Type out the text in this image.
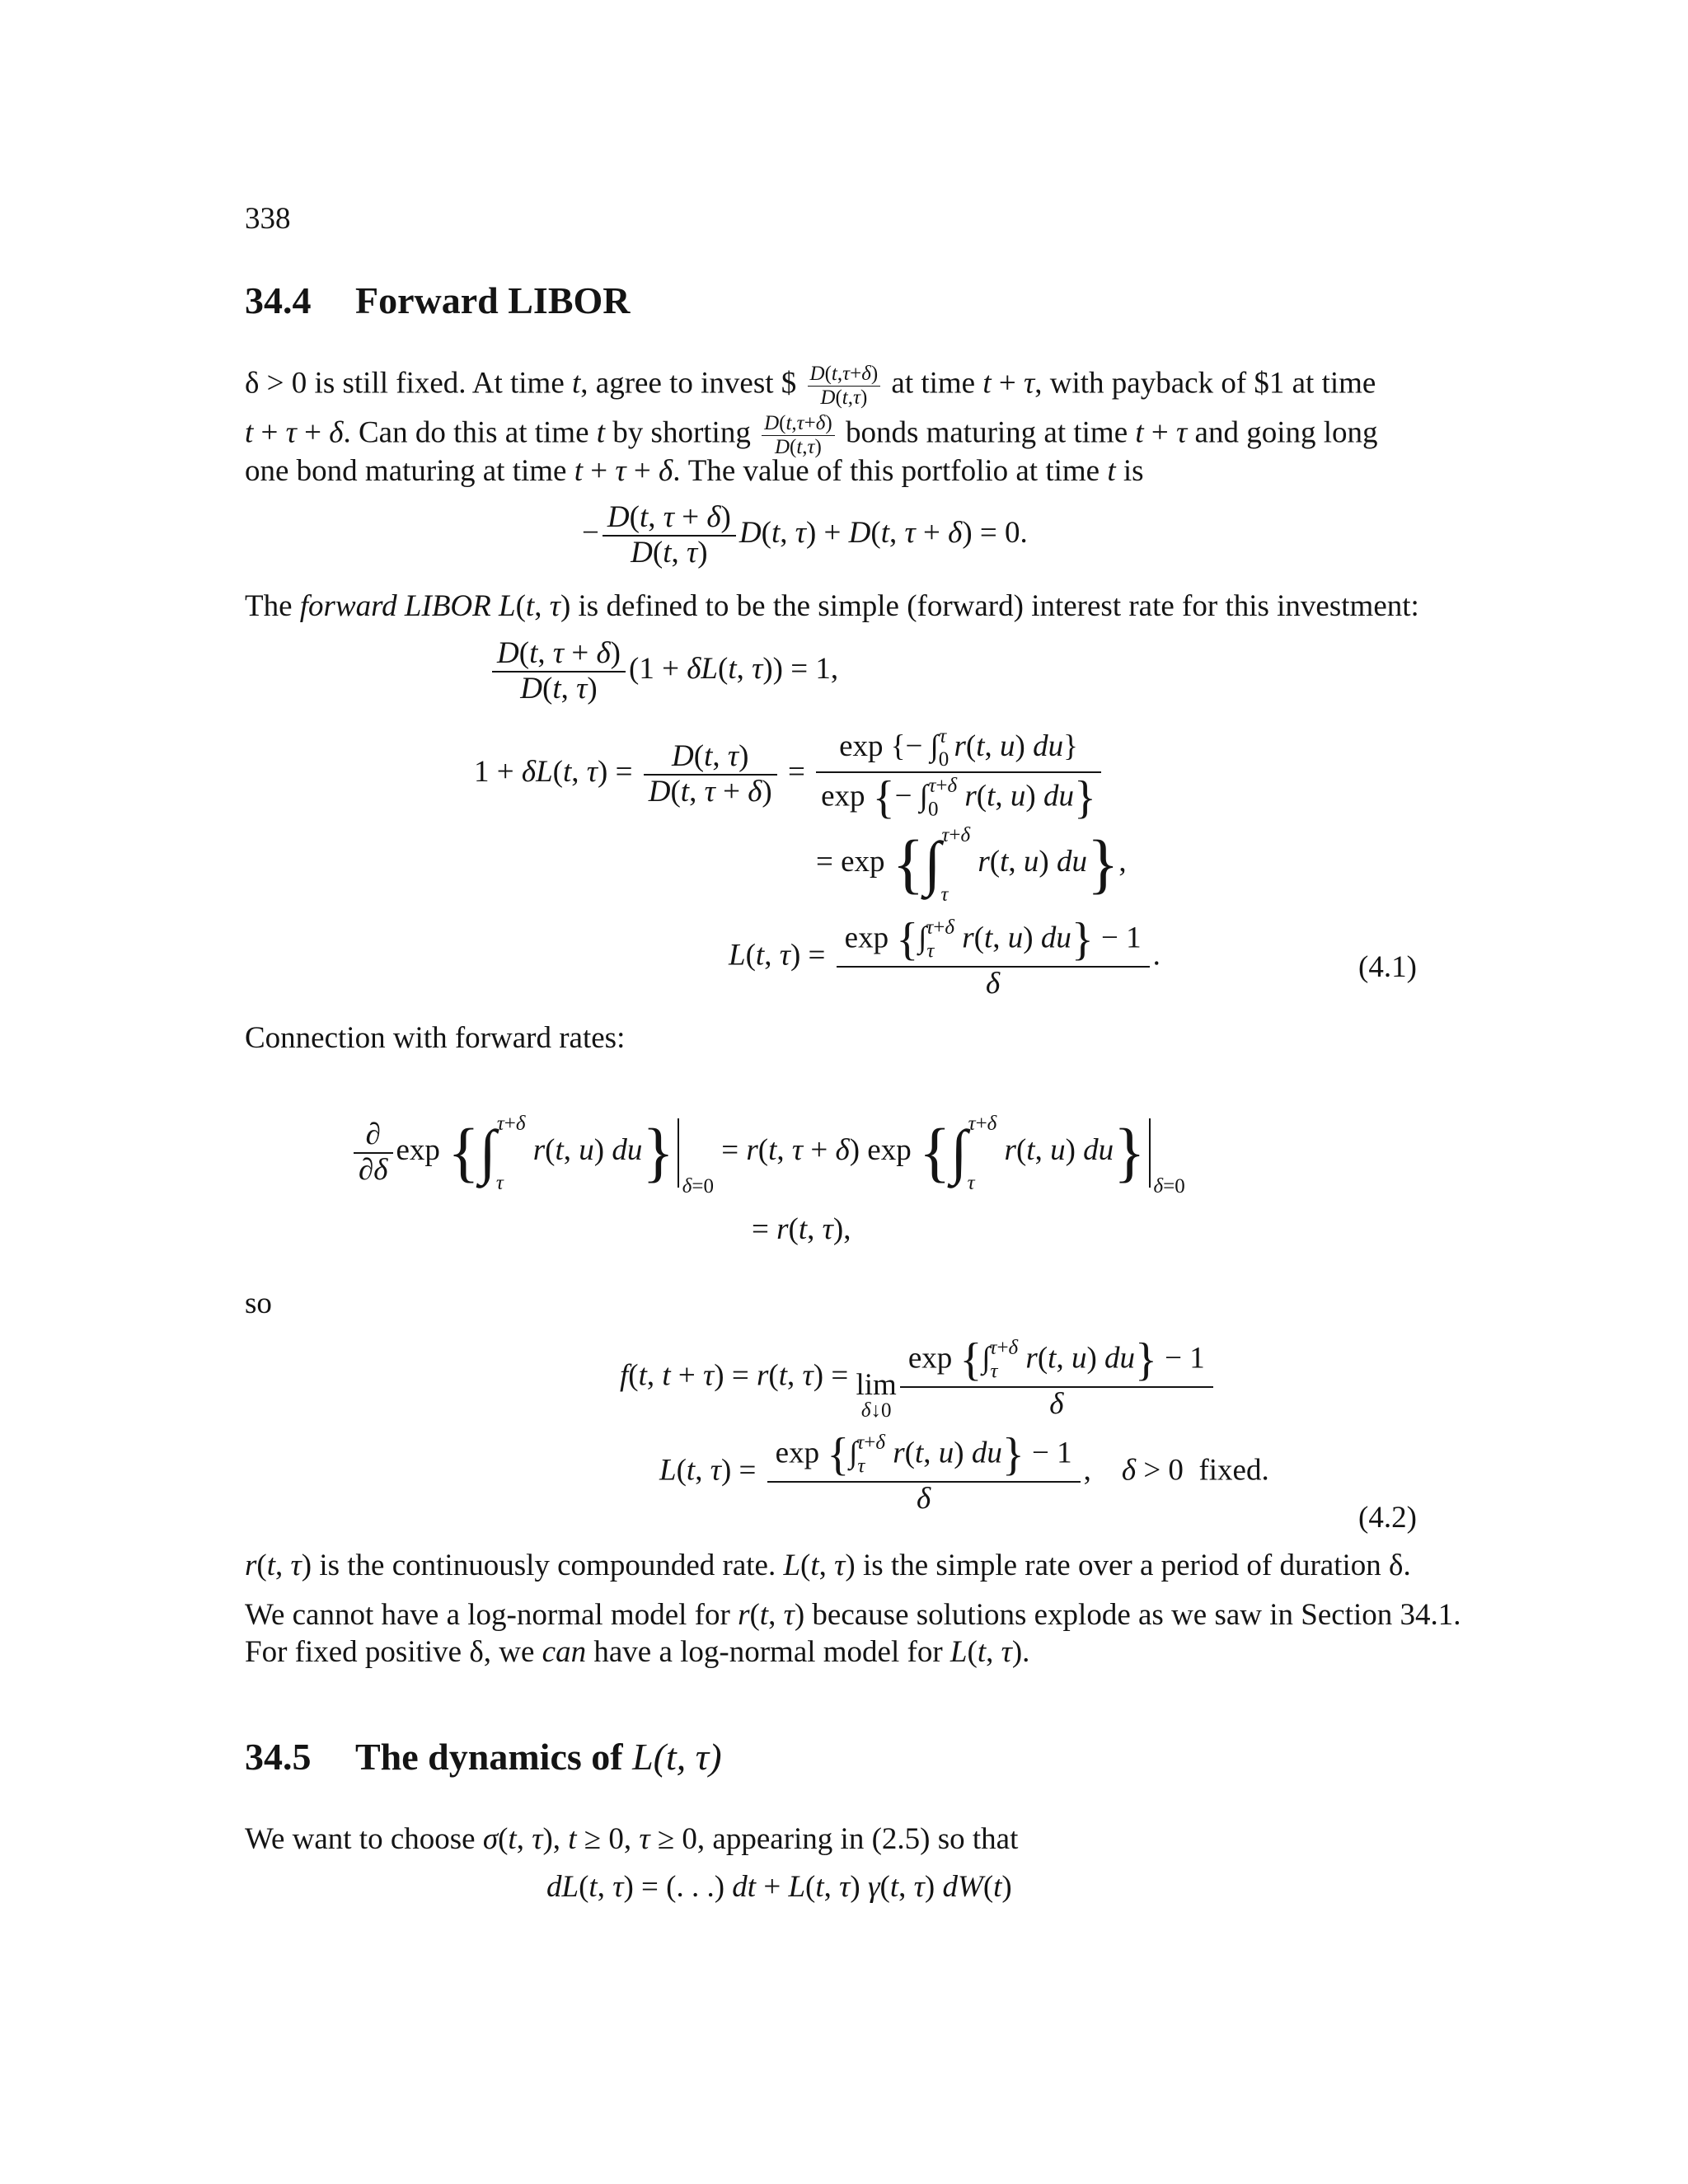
338
34.4 Forward LIBOR
δ > 0 is still fixed. At time t, agree to invest $ $\frac{D(t,\tau+\delta)}{D(t,\tau)}$ at time t + τ, with payback of $1 at time
t + τ + δ. Can do this at time t by shorting $\frac{D(t,\tau+\delta)}{D(t,\tau)}$ bonds maturing at time t + τ and going long
one bond maturing at time t + τ + δ. The value of this portfolio at time t is
− $\frac{D(t, \tau + \delta)}{D(t, \tau)} D(t$, τ) + D(t, τ + δ) = 0.
The forward LIBOR L(t, τ) is defined to be the simple (forward) interest rate for this investment:
$\frac{D(t, \tau + \delta)}{D(t, \tau)} (1 + \delta L(t$, τ)) = 1,
1 + δL(t, $\tau) = \frac{D(t, \tau)}{D(t, \tau + \delta)} = \frac{\exp \{- \int_0^\tau r(t, u) du\}}{\exp \{- \int_0^{\tau+\delta} r(t, u) du\}}$
= $\exp \{\int_\tau^{\tau+\delta}$ r(t, u) du},
L(t, $\tau) = \frac{\exp \{\int_\tau^{\tau+\delta} r(t, u) du\} - 1}{\delta}$ .	(4.1)
Connection with forward rates:
$\frac{\partial}{\partial\delta}$ $\exp \{\int_\tau^{\tau+\delta}$ r(t, u) du} $_{\delta=0}$ = r(t, τ + δ) $\exp \{\int_\tau^{\tau+\delta}$ r(t, u) du} $_{\delta=0}$
= r(t, τ),
so
f(t, t + τ) = r(t, τ) = lim
δ↓0 $\frac{\exp \{\int_\tau^{\tau+\delta} r(t, u) du\} - 1}{\delta}$
L(t, $\tau) = \frac{\exp \{\int_\tau^{\tau+\delta} r(t, u) du\} - 1}{\delta}$ ,    δ > 0  fixed.
(4.2)
r(t, τ) is the continuously compounded rate. L(t, τ) is the simple rate over a period of duration δ.
We cannot have a log-normal model for r(t, τ) because solutions explode as we saw in Section 34.1.
For fixed positive δ, we can have a log-normal model for L(t, τ).
34.5 The dynamics of L(t, τ)
We want to choose σ(t, τ), t ≥ 0, τ ≥ 0, appearing in (2.5) so that
dL(t, τ) = (. . .) dt + L(t, τ) γ(t, τ) dW(t)
